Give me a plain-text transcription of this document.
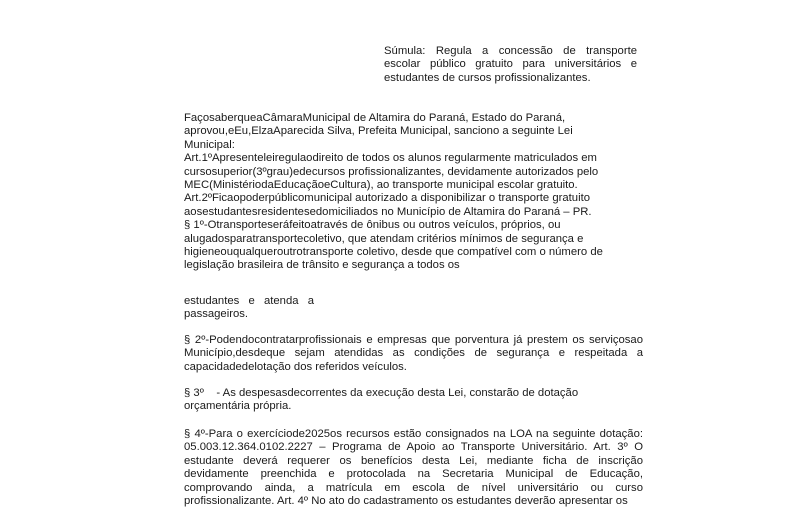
Súmula: Regula a concessão de transporte
escolar público gratuito para universitários e
estudantes de cursos profissionalizantes.
FaçosaberqueaCâmaraMunicipal de Altamira do Paraná, Estado do Paraná,
aprovou,eEu,ElzaAparecida Silva, Prefeita Municipal, sanciono a seguinte Lei
Municipal:
Art.1ºApresenteleiregulaodireito de todos os alunos regularmente matriculados em
cursosuperior(3ºgrau)edecursos profissionalizantes, devidamente autorizados pelo
MEC(MinistériodaEducaçãoeCultura), ao transporte municipal escolar gratuito.
Art.2ºFicaopoderpúblicomunicipal autorizado a disponibilizar o transporte gratuito
aosestudantesresidentesedomiciliados no Município de Altamira do Paraná – PR.
§ 1º-Otransporteseráfeitoatravés de ônibus ou outros veículos, próprios, ou
alugadosparatransportecoletivo, que atendam critérios mínimos de segurança e
higieneouqualqueroutrotransporte coletivo, desde que compatível com o número de
legislação brasileira de trânsito e segurança a todos os
estudantes e atenda a
passageiros.
§ 2º-Podendocontratarprofissionais e empresas que porventura já prestem os serviçosao
Município,desdeque sejam atendidas as condições de segurança e respeitada a
capacidadedelotação dos referidos veículos.
§ 3º    - As despesasdecorrentes da execução desta Lei, constarão de dotação
orçamentária própria.
§ 4º-Para o exercíciode2025os recursos estão consignados na LOA na seguinte dotação:
05.003.12.364.0102.2227 – Programa de Apoio ao Transporte Universitário. Art. 3º O
estudante deverá requerer os benefícios desta Lei, mediante ficha de inscrição
devidamente preenchida e protocolada na Secretaria Municipal de Educação,
comprovando ainda, a matrícula em escola de nível universitário ou curso
profissionalizante. Art. 4º No ato do cadastramento os estudantes deverão apresentar os
